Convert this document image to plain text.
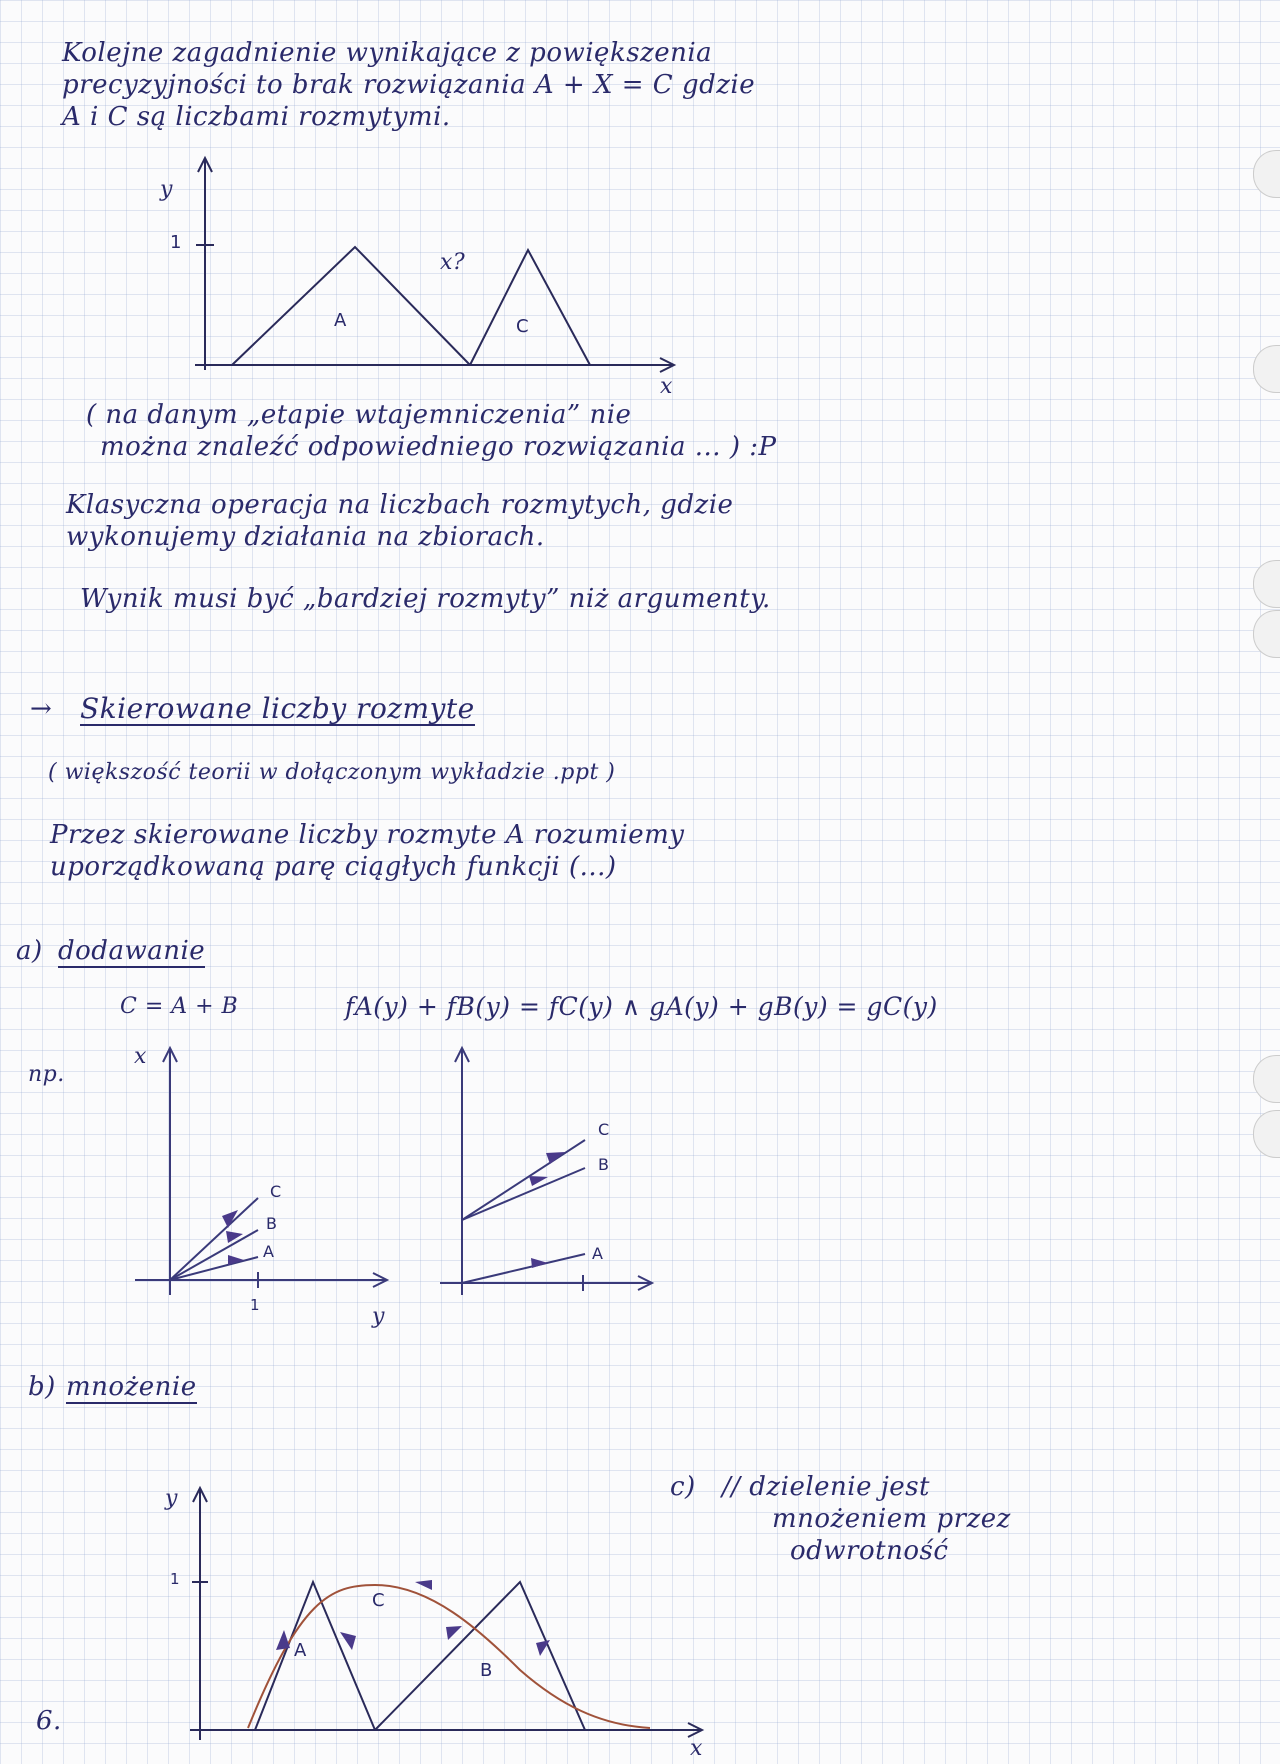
Kolejne zagadnienie wynikające z powiększenia
precyzyjności to brak rozwiązania A + X = C gdzie
A i C są liczbami rozmytymi.
y
x
1
A	C
x?
( na danym „etapie wtajemniczenia” nie
można znaleźć odpowiedniego rozwiązania ... ) :P
Klasyczna operacja na liczbach rozmytych, gdzie
wykonujemy działania na zbiorach.
Wynik musi być „bardziej rozmyty” niż argumenty.
→ Skierowane liczby rozmyte
( większość teorii w dołączonym wykładzie .ppt )
Przez skierowane liczby rozmyte A rozumiemy
uporządkowaną parę ciągłych funkcji (...)
a) dodawanie
C = A + B	fA(y) + fB(y) = fC(y) ∧ gA(y) + gB(y) = gC(y)
np.
x
y
1
C
B
A
C
B
A
b) mnożenie
y
x
1
A
B
C
c) // dzielenie jest
mnożeniem przez
odwrotność
6.
